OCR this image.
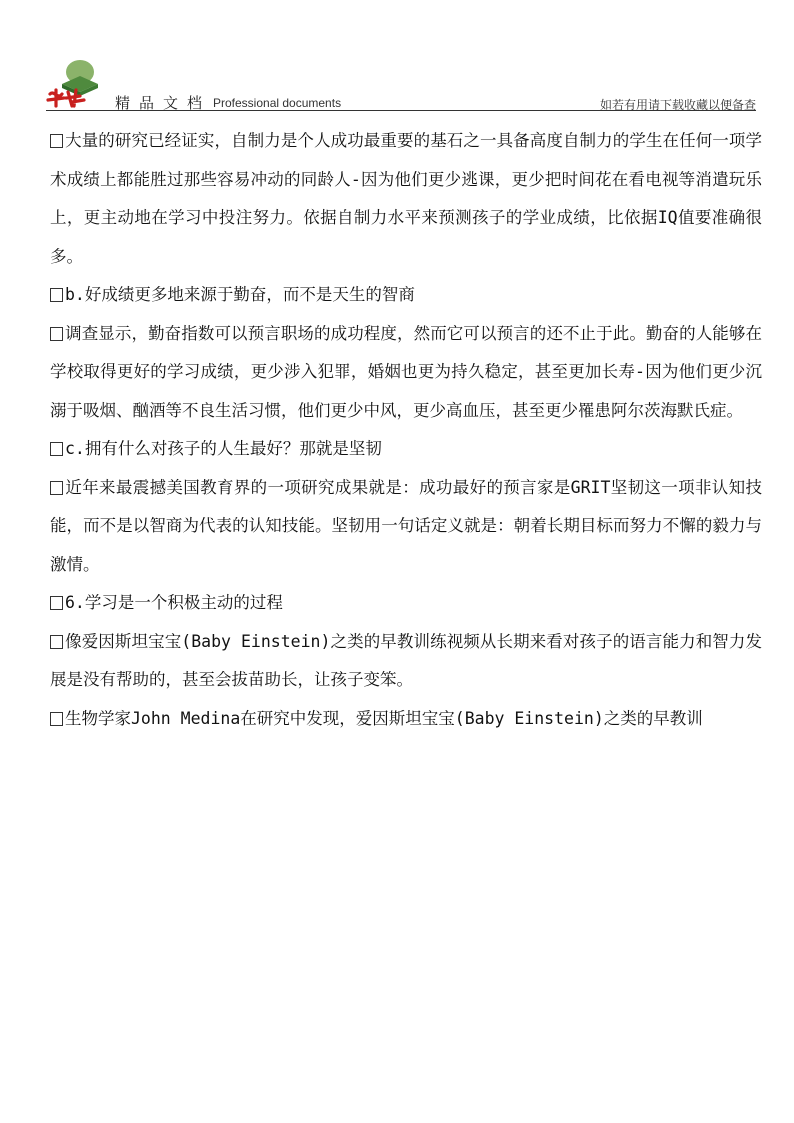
精品文档 Professional documents	如若有用请下载收藏以便备查

大量的研究已经证实，自制力是个人成功最重要的基石之一具备高度自制力的学生在任何一项学术成绩上都能胜过那些容易冲动的同龄人-因为他们更少逃课，更少把时间花在看电视等消遣玩乐上，更主动地在学习中投注努力。依据自制力水平来预测孩子的学业成绩，比依据IQ值要准确很多。

b.好成绩更多地来源于勤奋，而不是天生的智商

调查显示，勤奋指数可以预言职场的成功程度，然而它可以预言的还不止于此。勤奋的人能够在学校取得更好的学习成绩，更少涉入犯罪，婚姻也更为持久稳定，甚至更加长寿-因为他们更少沉溺于吸烟、酗酒等不良生活习惯，他们更少中风，更少高血压，甚至更少罹患阿尔茨海默氏症。

c.拥有什么对孩子的人生最好？那就是坚韧

近年来最震撼美国教育界的一项研究成果就是：成功最好的预言家是GRIT坚韧这一项非认知技能，而不是以智商为代表的认知技能。坚韧用一句话定义就是：朝着长期目标而努力不懈的毅力与激情。

6.学习是一个积极主动的过程

像爱因斯坦宝宝(Baby Einstein)之类的早教训练视频从长期来看对孩子的语言能力和智力发展是没有帮助的，甚至会拔苗助长，让孩子变笨。

生物学家John Medina在研究中发现，爱因斯坦宝宝(Baby Einstein)之类的早教训
